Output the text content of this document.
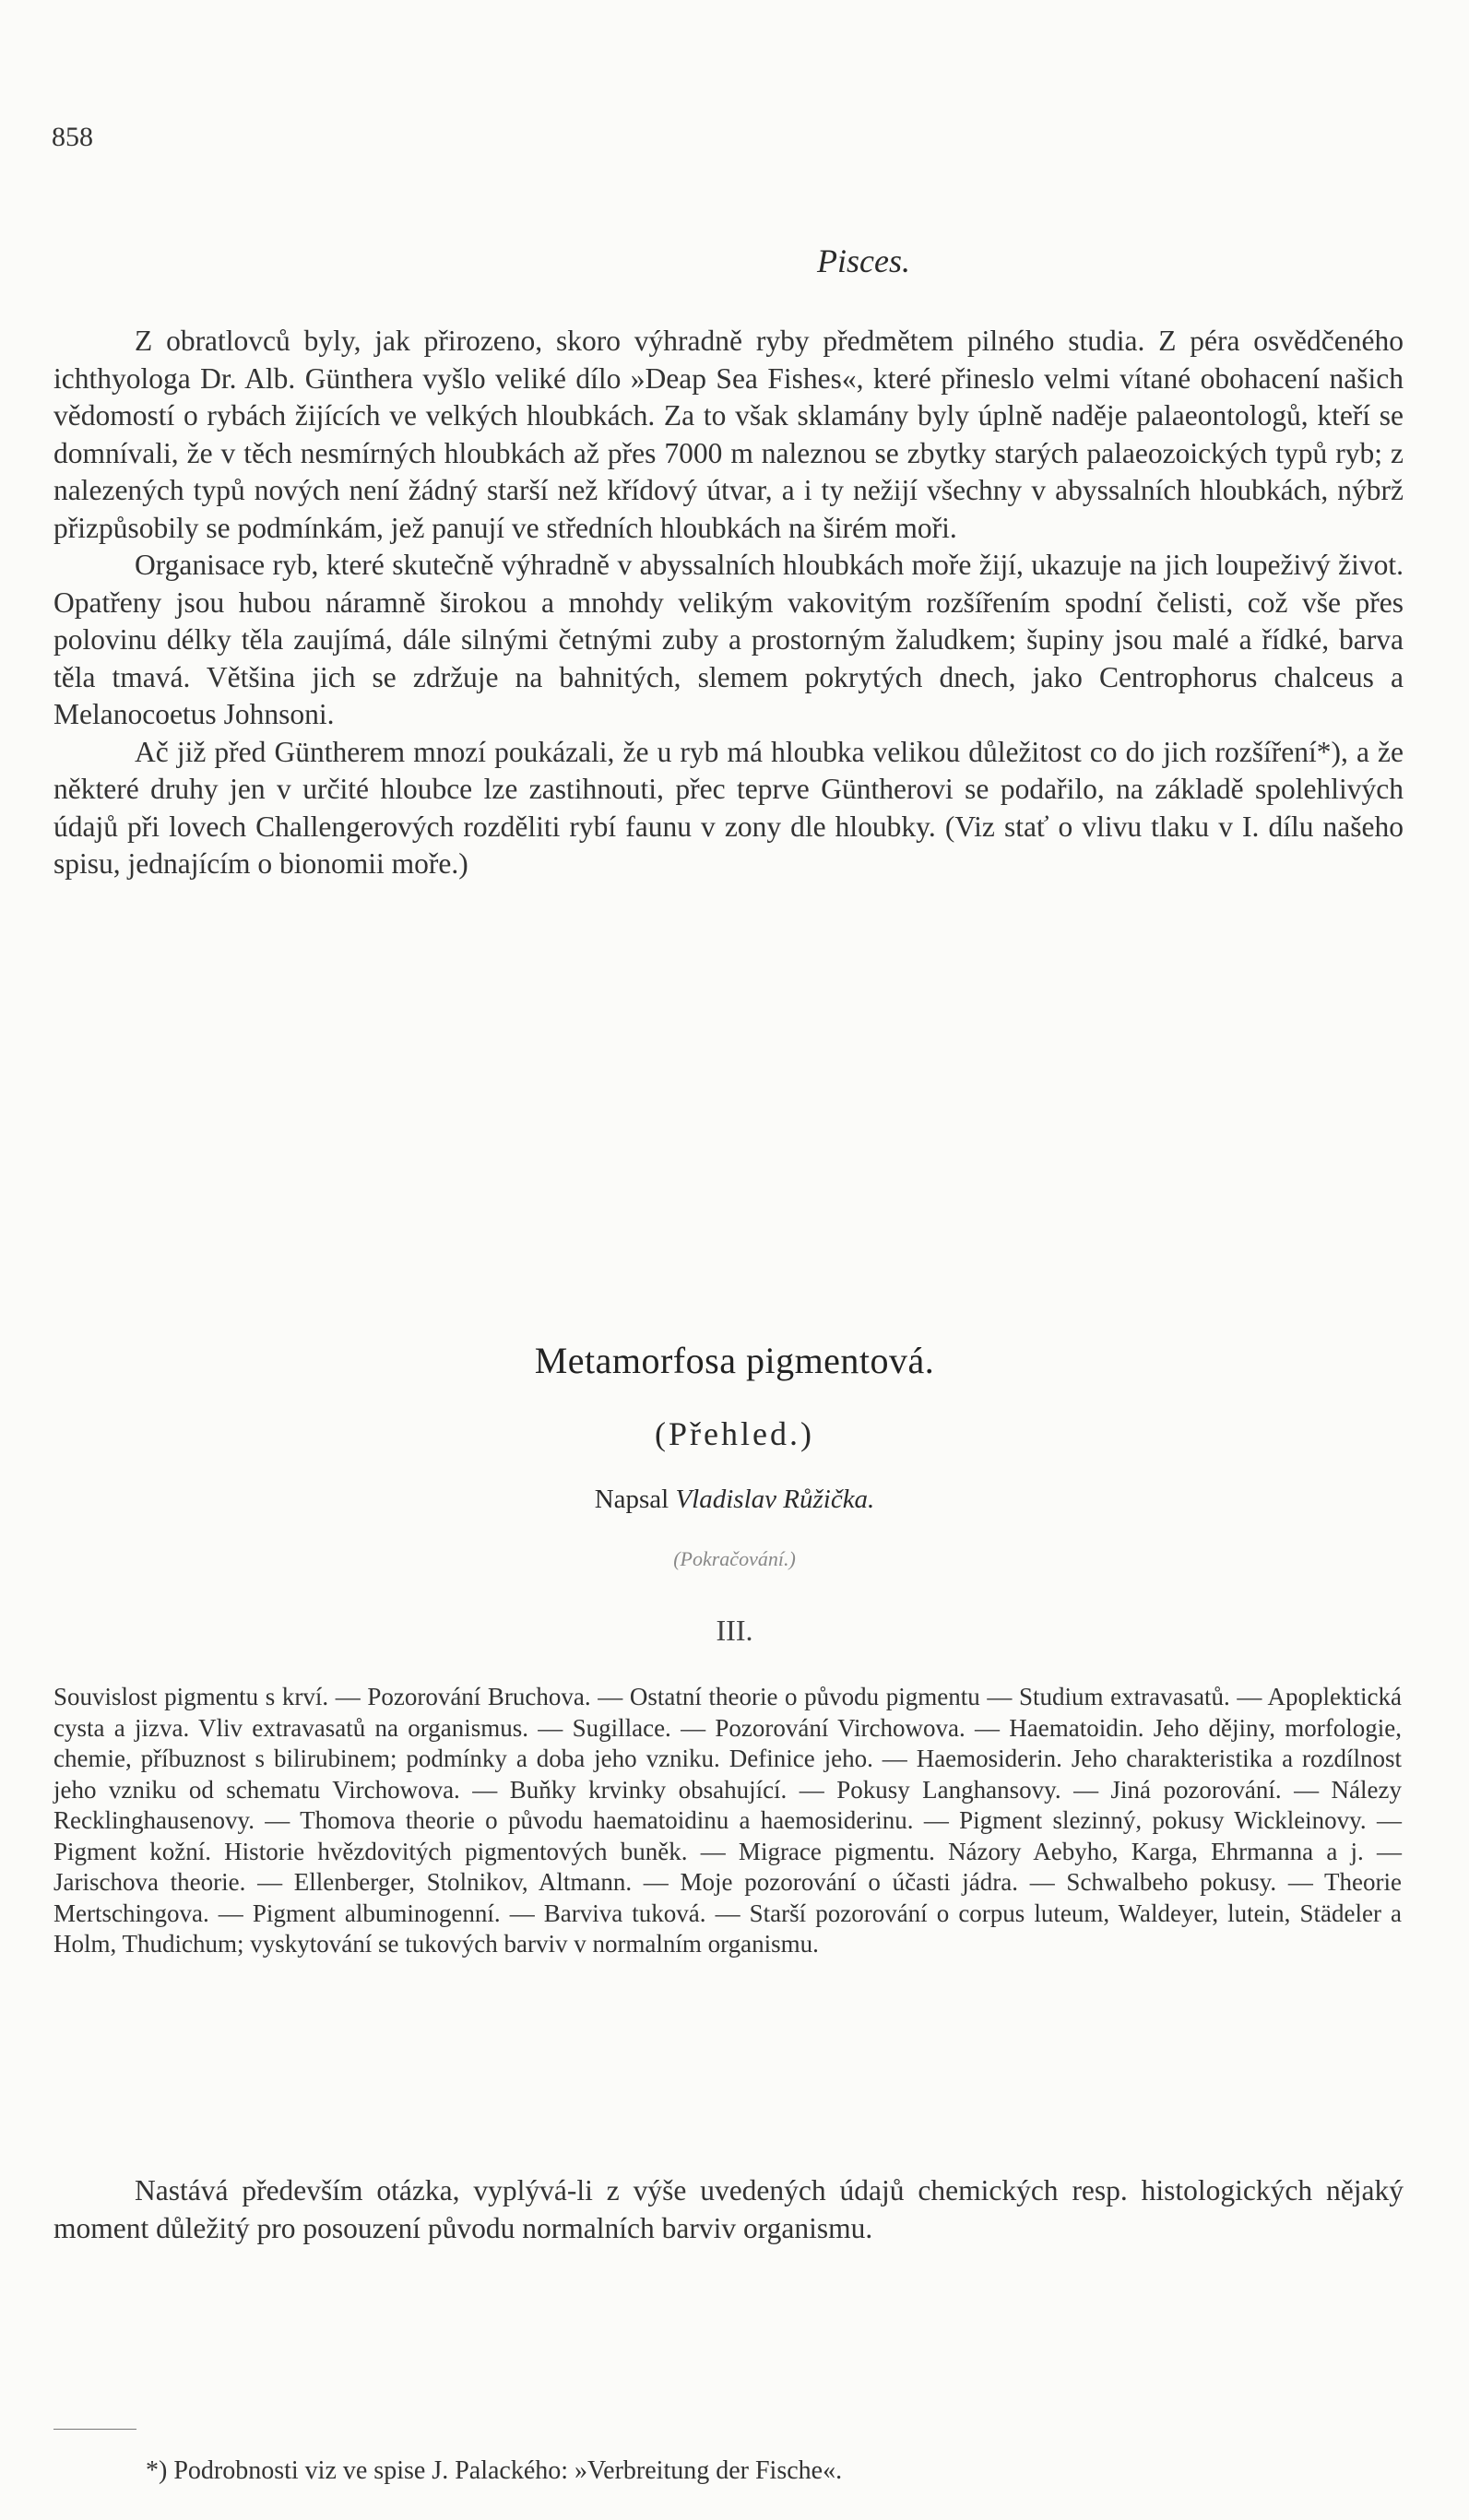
858
Pisces.

Z obratlovců byly, jak přirozeno, skoro výhradně ryby předmětem pilného studia. Z péra osvědčeného ichthyologa Dr. Alb. Günthera vyšlo veliké dílo »Deap Sea Fishes«, které přineslo velmi vítané obohacení našich vědomostí o rybách žijících ve velkých hloubkách. Za to však sklamány byly úplně naděje palaeontologů, kteří se domnívali, že v těch nesmírných hloubkách až přes 7000 m naleznou se zbytky starých palaeozoických typů ryb; z nalezených typů nových není žádný starší než křídový útvar, a i ty nežijí všechny v abyssalních hloubkách, nýbrž přizpůsobily se podmínkám, jež panují ve středních hloubkách na širém moři.

Organisace ryb, které skutečně výhradně v abyssalních hloubkách moře žijí, ukazuje na jich loupeživý život. Opatřeny jsou hubou náramně širokou a mnohdy velikým vakovitým rozšířením spodní čelisti, což vše přes polovinu délky těla zaujímá, dále silnými četnými zuby a prostorným žaludkem; šupiny jsou malé a řídké, barva těla tmavá. Většina jich se zdržuje na bahnitých, slemem pokrytých dnech, jako Centrophorus chalceus a Melanocoetus Johnsoni.

Ač již před Güntherem mnozí poukázali, že u ryb má hloubka velikou důležitost co do jich rozšíření*), a že některé druhy jen v určité hloubce lze zastihnouti, přec teprve Güntherovi se podařilo, na základě spolehlivých údajů při lovech Challengerových rozděliti rybí faunu v zony dle hloubky. (Viz stať o vlivu tlaku v I. dílu našeho spisu, jednajícím o bionomii moře.)

Metamorfosa pigmentová.
(Přehled.)
Napsal Vladislav Růžička.
(Pokračování.)
III.

Souvislost pigmentu s krví. — Pozorování Bruchova. — Ostatní theorie o původu pigmentu — Studium extravasatů. — Apoplektická cysta a jizva. Vliv extravasatů na organismus. — Sugillace. — Pozorování Virchowova. — Haematoidin. Jeho dějiny, morfologie, chemie, příbuznost s bilirubinem; podmínky a doba jeho vzniku. Definice jeho. — Haemosiderin. Jeho charakteristika a rozdílnost jeho vzniku od schematu Virchowova. — Buňky krvinky obsahující. — Pokusy Langhansovy. — Jiná pozorování. — Nálezy Recklinghausenovy. — Thomova theorie o původu haematoidinu a haemosiderinu. — Pigment slezinný, pokusy Wickleinovy. — Pigment kožní. Historie hvězdovitých pigmentových buněk. — Migrace pigmentu. Názory Aebyho, Karga, Ehrmanna a j. — Jarischova theorie. — Ellenberger, Stolnikov, Altmann. — Moje pozorování o účasti jádra. — Schwalbeho pokusy. — Theorie Mertschingova. — Pigment albuminogenní. — Barviva tuková. — Starší pozorování o corpus luteum, Waldeyer, lutein, Städeler a Holm, Thudichum; vyskytování se tukových barviv v normalním organismu.

Nastává především otázka, vyplývá-li z výše uvedených údajů chemických resp. histologických nějaký moment důležitý pro posouzení původu normalních barviv organismu.

*) Podrobnosti viz ve spise J. Palackého: »Verbreitung der Fische«.
